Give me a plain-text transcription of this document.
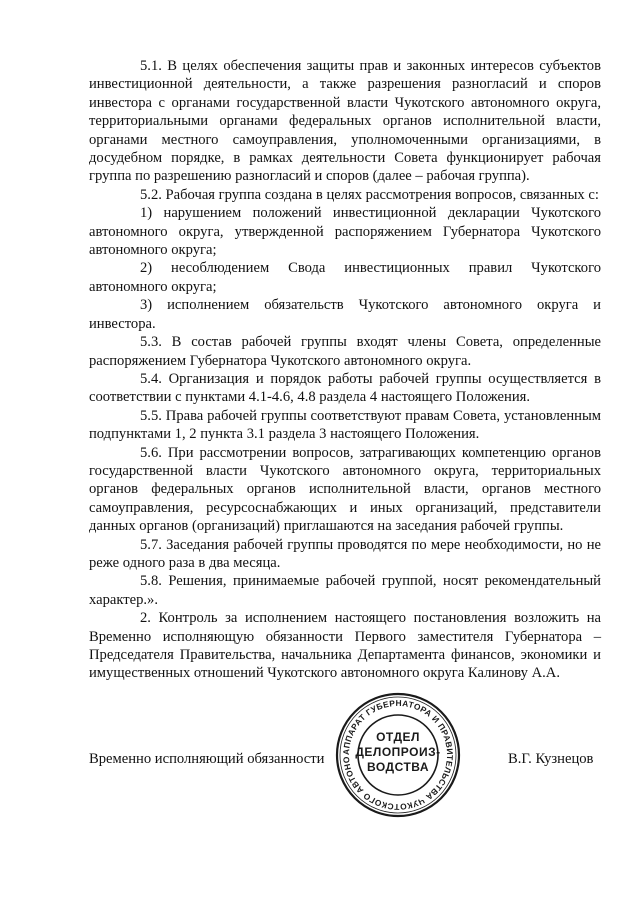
5.1. В целях обеспечения защиты прав и законных интересов субъектов инвестиционной деятельности, а также разрешения разногласий и споров инвестора с органами государственной власти Чукотского автономного округа, территориальными органами федеральных органов исполнительной власти, органами местного самоуправления, уполномоченными организациями, в досудебном порядке, в рамках деятельности Совета функционирует рабочая группа по разрешению разногласий и споров (далее – рабочая группа).

5.2. Рабочая группа создана в целях рассмотрения вопросов, связанных с:

1) нарушением положений инвестиционной декларации Чукотского автономного округа, утвержденной распоряжением Губернатора Чукотского автономного округа;

2) несоблюдением Свода инвестиционных правил Чукотского автономного округа;

3) исполнением обязательств Чукотского автономного округа и инвестора.

5.3. В состав рабочей группы входят члены Совета, определенные распоряжением Губернатора Чукотского автономного округа.

5.4. Организация и порядок работы рабочей группы осуществляется в соответствии с пунктами 4.1-4.6, 4.8 раздела 4 настоящего Положения.

5.5. Права рабочей группы соответствуют правам Совета, установленным подпунктами 1, 2 пункта 3.1 раздела 3 настоящего Положения.

5.6. При рассмотрении вопросов, затрагивающих компетенцию органов государственной власти Чукотского автономного округа, территориальных органов федеральных органов исполнительной власти, органов местного самоуправления, ресурсоснабжающих и иных организаций, представители данных органов (организаций) приглашаются на заседания рабочей группы.

5.7. Заседания рабочей группы проводятся по мере необходимости, но не реже одного раза в два месяца.

5.8. Решения, принимаемые рабочей группой, носят рекомендательный характер.».

2. Контроль за исполнением настоящего постановления возложить на Временно исполняющую обязанности Первого заместителя Губернатора – Председателя Правительства, начальника Департамента финансов, экономики и имущественных отношений Чукотского автономного округа Калинову А.А.

Временно исполняющий обязанности	АППАРАТ ГУБЕРНАТОРА И ПРАВИТЕЛЬСТВА ЧУКОТСКОГО АВТОНО
ОТДЕЛ
ДЕЛОПРОИЗ-
ВОДСТВА	В.Г. Кузнецов
